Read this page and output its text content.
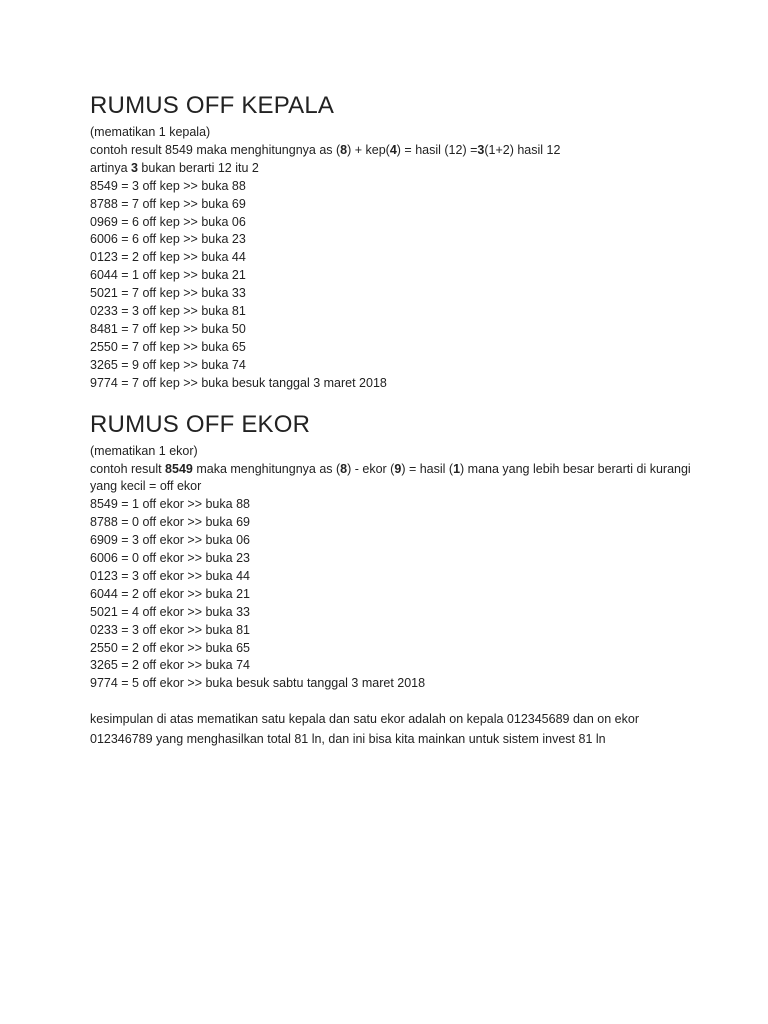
RUMUS OFF KEPALA
(mematikan 1 kepala)
contoh result 8549 maka menghitungnya as (8) + kep(4) = hasil (12) =3(1+2) hasil 12
artinya 3 bukan berarti 12 itu 2
8549 = 3 off kep >> buka 88
8788 = 7 off kep >> buka 69
0969 = 6 off kep >> buka 06
6006 = 6 off kep >> buka 23
0123 = 2 off kep >> buka 44
6044 = 1 off kep >> buka 21
5021 = 7 off kep >> buka 33
0233 = 3 off kep >> buka 81
8481 = 7 off kep >> buka 50
2550 = 7 off kep >> buka 65
3265 = 9 off kep >> buka 74
9774 = 7 off kep >> buka besuk tanggal 3 maret 2018
RUMUS OFF EKOR
(mematikan 1 ekor)
contoh result 8549 maka menghitungnya as (8) - ekor (9) = hasil (1) mana yang lebih besar berarti di kurangi yang kecil = off ekor
8549 = 1 off ekor >> buka 88
8788 = 0 off ekor >> buka 69
6909 = 3 off ekor >> buka 06
6006 = 0 off ekor >> buka 23
0123 = 3 off ekor >> buka 44
6044 = 2 off ekor >> buka 21
5021 = 4 off ekor >> buka 33
0233 = 3 off ekor >> buka 81
2550 = 2 off ekor >> buka 65
3265 = 2 off ekor >> buka 74
9774 = 5 off ekor >> buka besuk sabtu tanggal 3 maret 2018
kesimpulan di atas mematikan satu kepala dan satu ekor adalah on kepala 012345689 dan on ekor 012346789 yang menghasilkan total 81 ln, dan ini bisa kita mainkan untuk sistem invest 81 ln
